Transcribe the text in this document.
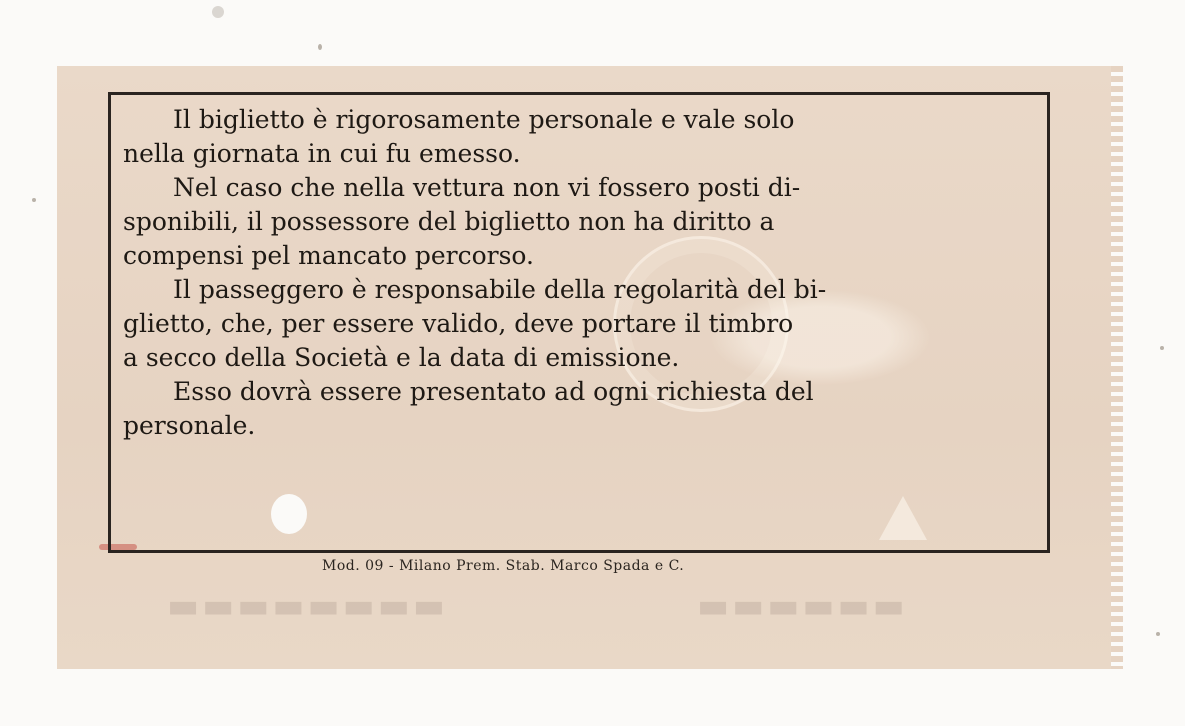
▬▬▬▬▬▬▬▬	▬▬▬▬▬▬

Il biglietto è rigorosamente personale e vale solo
nella giornata in cui fu emesso.

Nel caso che nella vettura non vi fossero posti di-
sponibili, il possessore del biglietto non ha diritto a
compensi pel mancato percorso.

Il passeggero è responsabile della regolarità del bi-
glietto, che, per essere valido, deve portare il timbro
a secco della Società e la data di emissione.

Esso dovrà essere presentato ad ogni richiesta del
personale.

Mod. 09 - Milano Prem. Stab. Marco Spada e C.
